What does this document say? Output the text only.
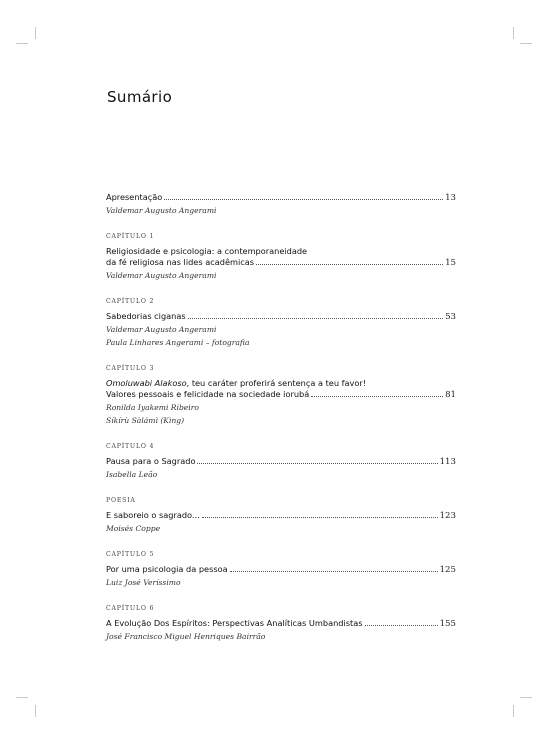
Sumário
Apresentação	13
Valdemar Augusto Angerami
CAPÍTULO 1
Religiosidade e psicologia: a contemporaneidade
da fé religiosa nas lides acadêmicas	15
Valdemar Augusto Angerami
CAPÍTULO 2
Sabedorias ciganas	53
Valdemar Augusto Angerami
Paula Linhares Angerami – fotografia
CAPÍTULO 3
Omoluwabi Alakoso, teu caráter proferirá sentença a teu favor!
Valores pessoais e felicidade na sociedade iorubá	81
Ronilda Iyakemi Ribeiro
Síkírù Sàlámì (King)
CAPÍTULO 4
Pausa para o Sagrado	113
Isabella Leão
POESIA
E saboreio o sagrado...	123
Moisés Coppe
CAPÍTULO 5
Por uma psicologia da pessoa	125
Luiz José Veríssimo
CAPÍTULO 6
A Evolução Dos Espíritos: Perspectivas Analíticas Umbandistas	155
José Francisco Miguel Henriques Bairrão
